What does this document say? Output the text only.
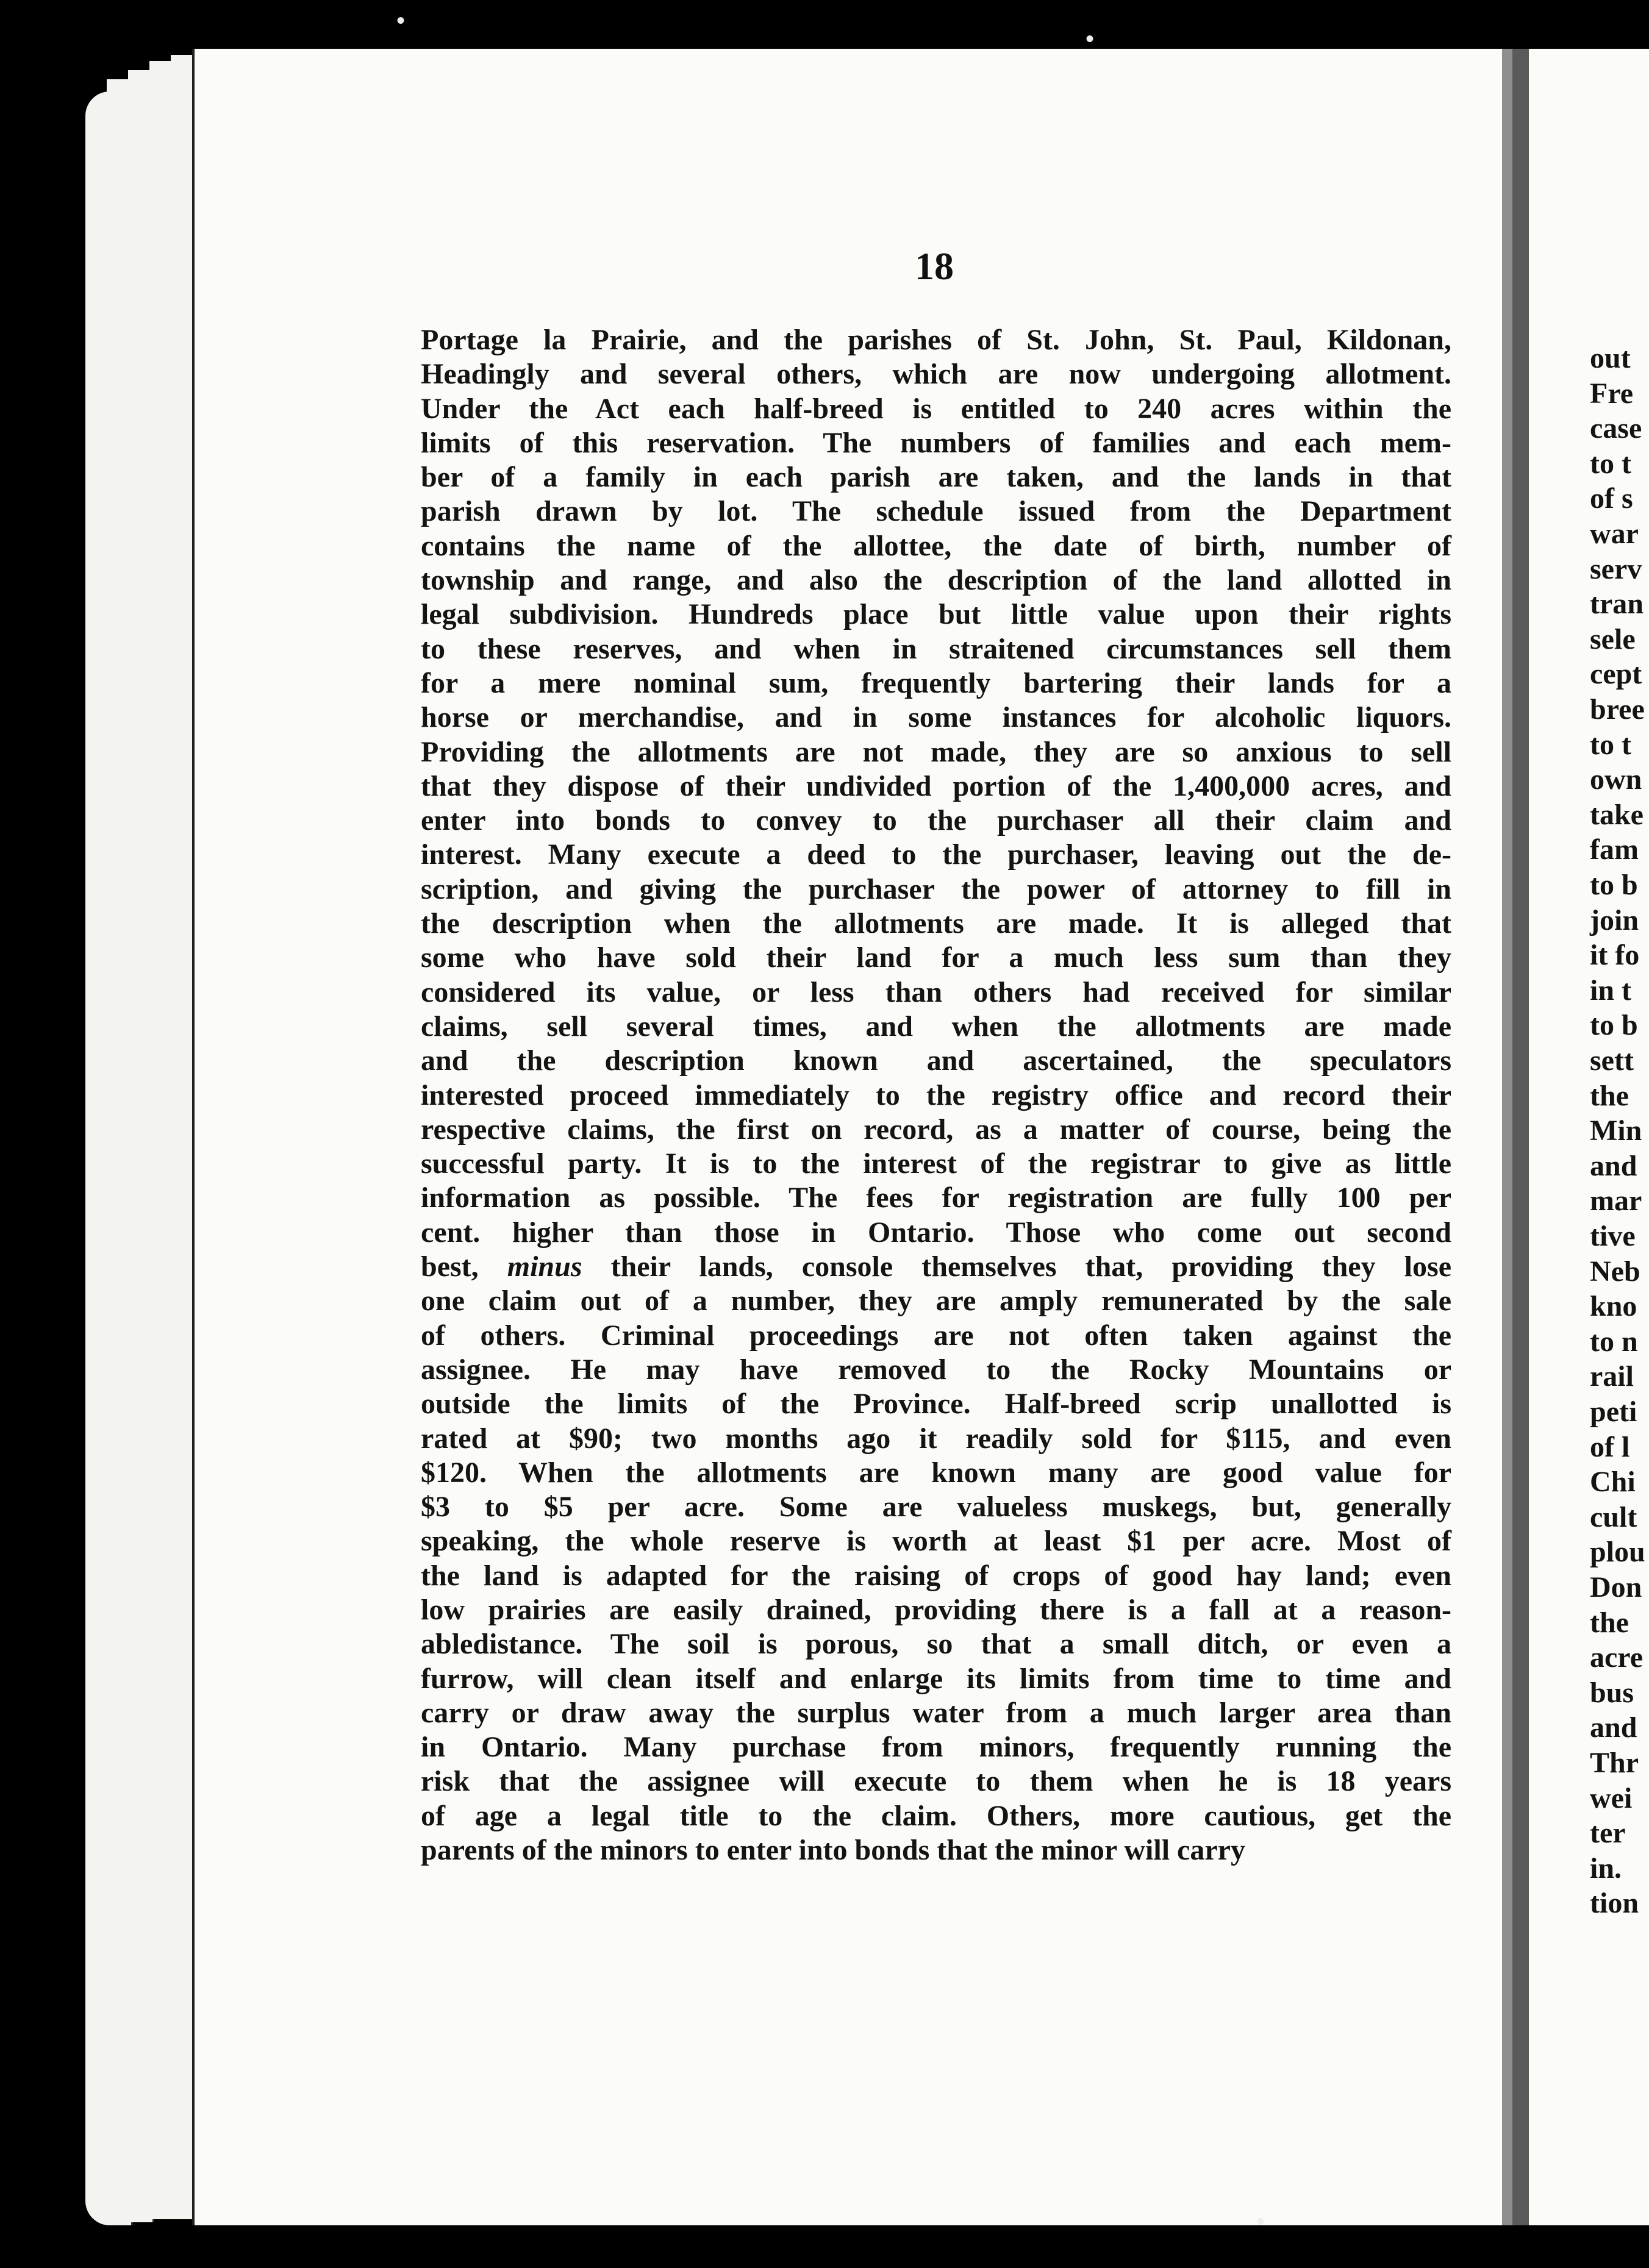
18
Portage la Prairie, and the parishes of St. John, St. Paul, Kildonan,
Headingly and several others, which are now undergoing allotment.
Under the Act each half-breed is entitled to 240 acres within the
limits of this reservation. The numbers of families and each mem-
ber of a family in each parish are taken, and the lands in that
parish drawn by lot. The schedule issued from the Department
contains the name of the allottee, the date of birth, number of
township and range, and also the description of the land allotted in
legal subdivision. Hundreds place but little value upon their rights
to these reserves, and when in straitened circumstances sell them
for a mere nominal sum, frequently bartering their lands for a
horse or merchandise, and in some instances for alcoholic liquors.
Providing the allotments are not made, they are so anxious to sell
that they dispose of their undivided portion of the 1,400,000 acres, and
enter into bonds to convey to the purchaser all their claim and
interest. Many execute a deed to the purchaser, leaving out the de-
scription, and giving the purchaser the power of attorney to fill in
the description when the allotments are made. It is alleged that
some who have sold their land for a much less sum than they
considered its value, or less than others had received for similar
claims, sell several times, and when the allotments are made
and the description known and ascertained, the speculators
interested proceed immediately to the registry office and record their
respective claims, the first on record, as a matter of course, being the
successful party. It is to the interest of the registrar to give as little
information as possible. The fees for registration are fully 100 per
cent. higher than those in Ontario. Those who come out second
best, minus their lands, console themselves that, providing they lose
one claim out of a number, they are amply remunerated by the sale
of others. Criminal proceedings are not often taken against the
assignee. He may have removed to the Rocky Mountains or
outside the limits of the Province. Half-breed scrip unallotted is
rated at $90; two months ago it readily sold for $115, and even
$120. When the allotments are known many are good value for
$3 to $5 per acre. Some are valueless muskegs, but, generally
speaking, the whole reserve is worth at least $1 per acre. Most of
the land is adapted for the raising of crops of good hay land; even
low prairies are easily drained, providing there is a fall at a reason-
abledistance. The soil is porous, so that a small ditch, or even a
furrow, will clean itself and enlarge its limits from time to time and
carry or draw away the surplus water from a much larger area than
in Ontario. Many purchase from minors, frequently running the
risk that the assignee will execute to them when he is 18 years
of age a legal title to the claim. Others, more cautious, get the
parents of the minors to enter into bonds that the minor will carry
out
Fre
case
to t
of s
war
serv
tran
sele
cept
bree
to t
own
take
fam
to b
join
it fo
in t
to b
sett
the
Min
and
mar
tive
Neb
kno
to n
rail
peti
of l
Chi
cult
plou
Don
the
acre
bus
and
Thr
wei
ter
in.
tion
•
•
•
